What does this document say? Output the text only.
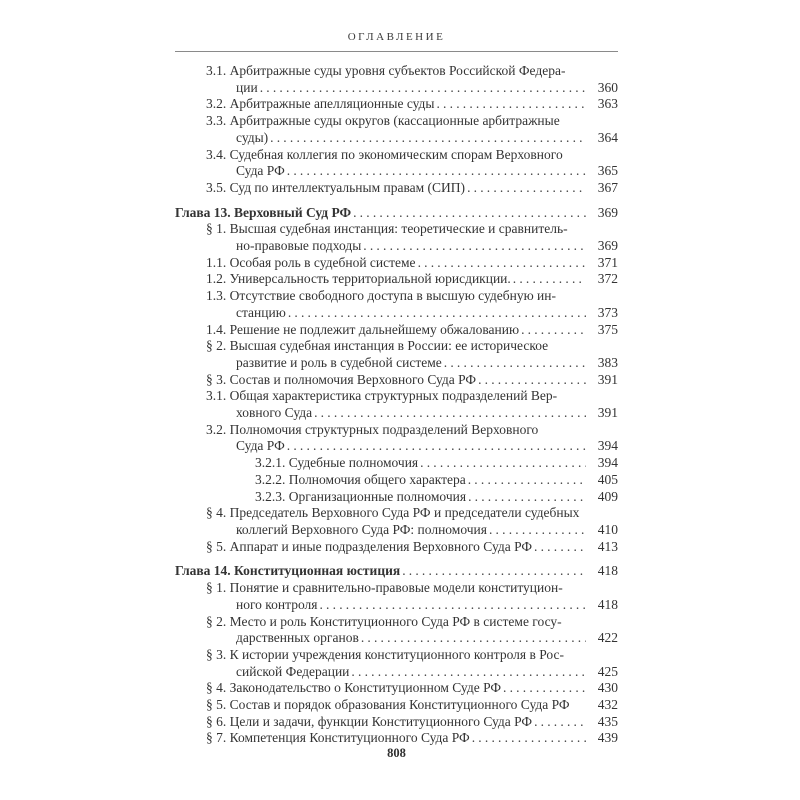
ОГЛАВЛЕНИЕ
3.1. Арбитражные суды уровня субъектов Российской Федера-
ции .....	360
3.2. Арбитражные апелляционные суды .....	363
3.3. Арбитражные суды округов (кассационные арбитражные
суды) .....	364
3.4. Судебная коллегия по экономическим спорам Верховного
Суда РФ .....	365
3.5. Суд по интеллектуальным правам (СИП) .....	367
Глава 13. Верховный Суд РФ .....	369
§ 1. Высшая судебная инстанция: теоретические и сравнитель-
но-правовые подходы .....	369
1.1. Особая роль в судебной системе .....	371
1.2. Универсальность территориальной юрисдикции. .....	372
1.3. Отсутствие свободного доступа в высшую судебную ин-
станцию .....	373
1.4. Решение не подлежит дальнейшему обжалованию .....	375
§ 2. Высшая судебная инстанция в России: ее историческое
развитие и роль в судебной системе .....	383
§ 3. Состав и полномочия Верховного Суда РФ .....	391
3.1. Общая характеристика структурных подразделений Вер-
ховного Суда .....	391
3.2. Полномочия структурных подразделений Верховного
Суда РФ .....	394
3.2.1. Судебные полномочия .....	394
3.2.2. Полномочия общего характера .....	405
3.2.3. Организационные полномочия .....	409
§ 4. Председатель Верховного Суда РФ и председатели судебных
коллегий Верховного Суда РФ: полномочия .....	410
§ 5. Аппарат и иные подразделения Верховного Суда РФ .....	413
Глава 14. Конституционная юстиция .....	418
§ 1. Понятие и сравнительно-правовые модели конституцион-
ного контроля .....	418
§ 2. Место и роль Конституционного Суда РФ в системе госу-
дарственных органов .....	422
§ 3. К истории учреждения конституционного контроля в Рос-
сийской Федерации .....	425
§ 4. Законодательство о Конституционном Суде РФ .....	430
§ 5. Состав и порядок образования Конституционного Суда РФ	432
§ 6. Цели и задачи, функции Конституционного Суда РФ .....	435
§ 7. Компетенция Конституционного Суда РФ .....	439
808
